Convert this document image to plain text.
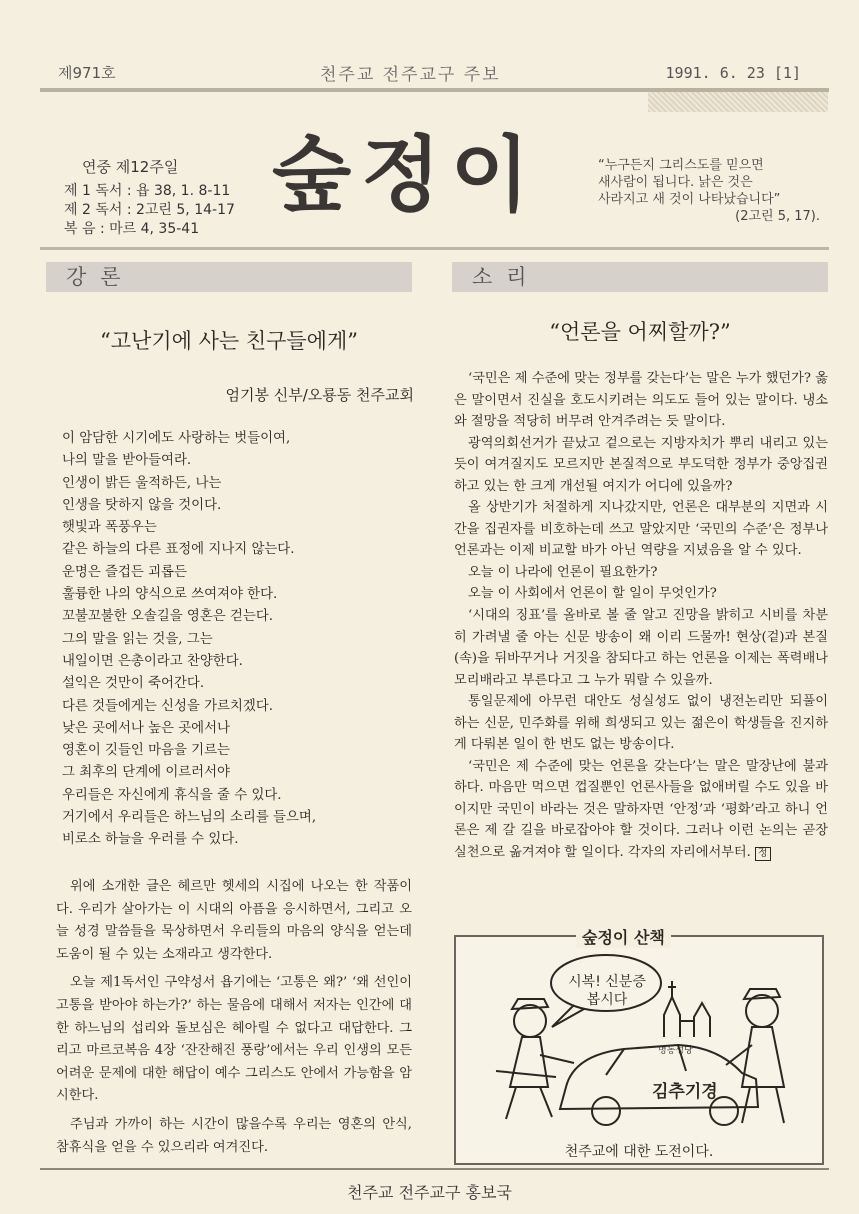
제971호	천주교 전주교구 주보	1991. 6. 23 [1]
연중 제12주일
제 1 독서 : 욥 38, 1. 8-11
제 2 독서 : 2고린 5, 14-17
복 음 : 마르 4, 35-41
숲정이	“누구든지 그리스도를 믿으면
새사람이 됩니다. 낡은 것은
사라지고 새 것이 나타났습니다”
(2고린 5, 17).
강론	소리
“고난기에 사는 친구들에게”
엄기봉 신부/오룡동 천주교회
이 암담한 시기에도 사랑하는 벗들이여,
나의 말을 받아들여라.
인생이 밝든 울적하든, 나는
인생을 탓하지 않을 것이다.
햇빛과 폭풍우는
같은 하늘의 다른 표정에 지나지 않는다.
운명은 즐겁든 괴롭든
훌륭한 나의 양식으로 쓰여져야 한다.
꼬불꼬불한 오솔길을 영혼은 걷는다.
그의 말을 읽는 것을, 그는
내일이면 은총이라고 찬양한다.
설익은 것만이 죽어간다.
다른 것들에게는 신성을 가르치겠다.
낮은 곳에서나 높은 곳에서나
영혼이 깃들인 마음을 기르는
그 최후의 단계에 이르러서야
우리들은 자신에게 휴식을 줄 수 있다.
거기에서 우리들은 하느님의 소리를 들으며,
비로소 하늘을 우러를 수 있다.

위에 소개한 글은 헤르만 헷세의 시집에 나오는 한 작품이다. 우리가 살아가는 이 시대의 아픔을 응시하면서, 그리고 오늘 성경 말씀들을 묵상하면서 우리들의 마음의 양식을 얻는데 도움이 될 수 있는 소재라고 생각한다.

오늘 제1독서인 구약성서 욥기에는 ‘고통은 왜?’ ‘왜 선인이 고통을 받아야 하는가?’ 하는 물음에 대해서 저자는 인간에 대한 하느님의 섭리와 돌보심은 헤아릴 수 없다고 대답한다. 그리고 마르코복음 4장 ‘잔잔해진 풍랑’에서는 우리 인생의 모든 어려운 문제에 대한 해답이 예수 그리스도 안에서 가능함을 암시한다.

주님과 가까이 하는 시간이 많을수록 우리는 영혼의 안식, 참휴식을 얻을 수 있으리라 여겨진다.

“언론을 어찌할까?”

‘국민은 제 수준에 맞는 정부를 갖는다’는 말은 누가 했던가? 옳은 말이면서 진실을 호도시키려는 의도도 들어 있는 말이다. 냉소와 절망을 적당히 버무려 안겨주려는 듯 말이다.

광역의회선거가 끝났고 겉으로는 지방자치가 뿌리 내리고 있는 듯이 여겨질지도 모르지만 본질적으로 부도덕한 정부가 중앙집권하고 있는 한 크게 개선될 여지가 어디에 있을까?

올 상반기가 처절하게 지나갔지만, 언론은 대부분의 지면과 시간을 집권자를 비호하는데 쓰고 말았지만 ‘국민의 수준’은 정부나 언론과는 이제 비교할 바가 아닌 역량을 지녔음을 알 수 있다.

오늘 이 나라에 언론이 필요한가?

오늘 이 사회에서 언론이 할 일이 무엇인가?

‘시대의 징표’를 올바로 볼 줄 알고 진망을 밝히고 시비를 차분히 가려낼 줄 아는 신문 방송이 왜 이리 드물까! 현상(겉)과 본질(속)을 뒤바꾸거나 거짓을 참되다고 하는 언론을 이제는 폭력배나 모리배라고 부른다고 그 누가 뭐랄 수 있을까.

통일문제에 아무런 대안도 성실성도 없이 냉전논리만 되풀이 하는 신문, 민주화를 위해 희생되고 있는 젊은이 학생들을 진지하게 다뤄본 일이 한 번도 없는 방송이다.

‘국민은 제 수준에 맞는 언론을 갖는다’는 말은 말장난에 불과하다. 마음만 먹으면 껍질뿐인 언론사들을 없애버릴 수도 있을 바이지만 국민이 바라는 것은 말하자면 ‘안정’과 ‘평화’라고 하니 언론은 제 갈 길을 바로잡아야 할 것이다. 그러나 이런 논의는 곧장 실천으로 옮겨져야 할 일이다. 각자의 자리에서부터. 정

숲정이 산책
시복! 신분증
봅시다
명동성당
김추기경
천주교에 대한 도전이다.
천주교 전주교구 홍보국
